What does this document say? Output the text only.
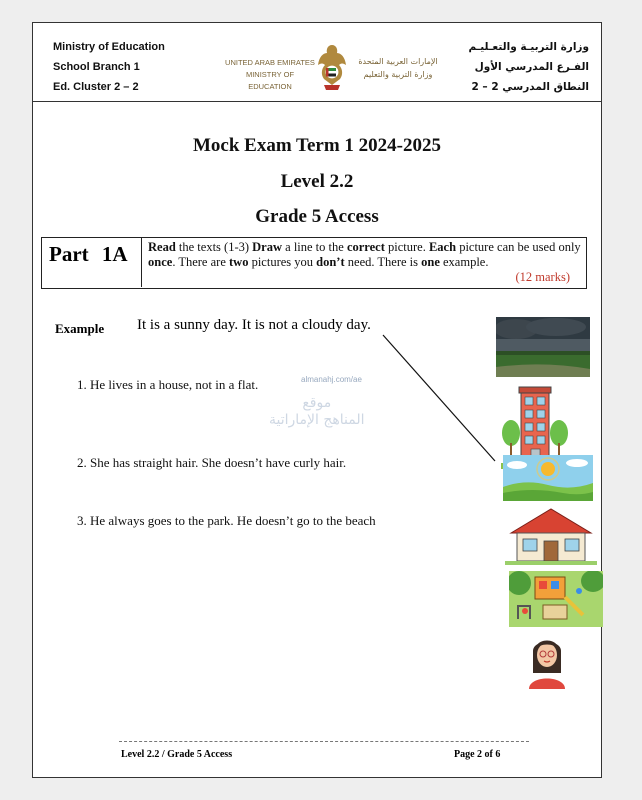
Ministry of Education
School Branch 1
Ed. Cluster 2 – 2
UNITED ARAB EMIRATES
MINISTRY OF EDUCATION
الإمارات العربية المتحدة
وزارة التربية والتعليم
وزارة التربيـة والتعـليـم
الفـرع المدرسي الأول
النطاق المدرسي 2 – 2
Mock Exam Term 1 2024-2025
Level 2.2
Grade 5 Access
Part 1A	Read the texts (1-3) Draw a line to the correct picture. Each picture can be used only once. There are two pictures you don’t need. There is one example.
(12 marks)
Example It is a sunny day. It is not a cloudy day.
1. He lives in a house, not in a flat.
2. She has straight hair. She doesn’t have curly hair.
3. He always goes to the park. He doesn’t go to the beach
almanahj.com/ae
موقع
المناهج الإماراتية
Level 2.2 / Grade 5 Access	Page 2 of 6
